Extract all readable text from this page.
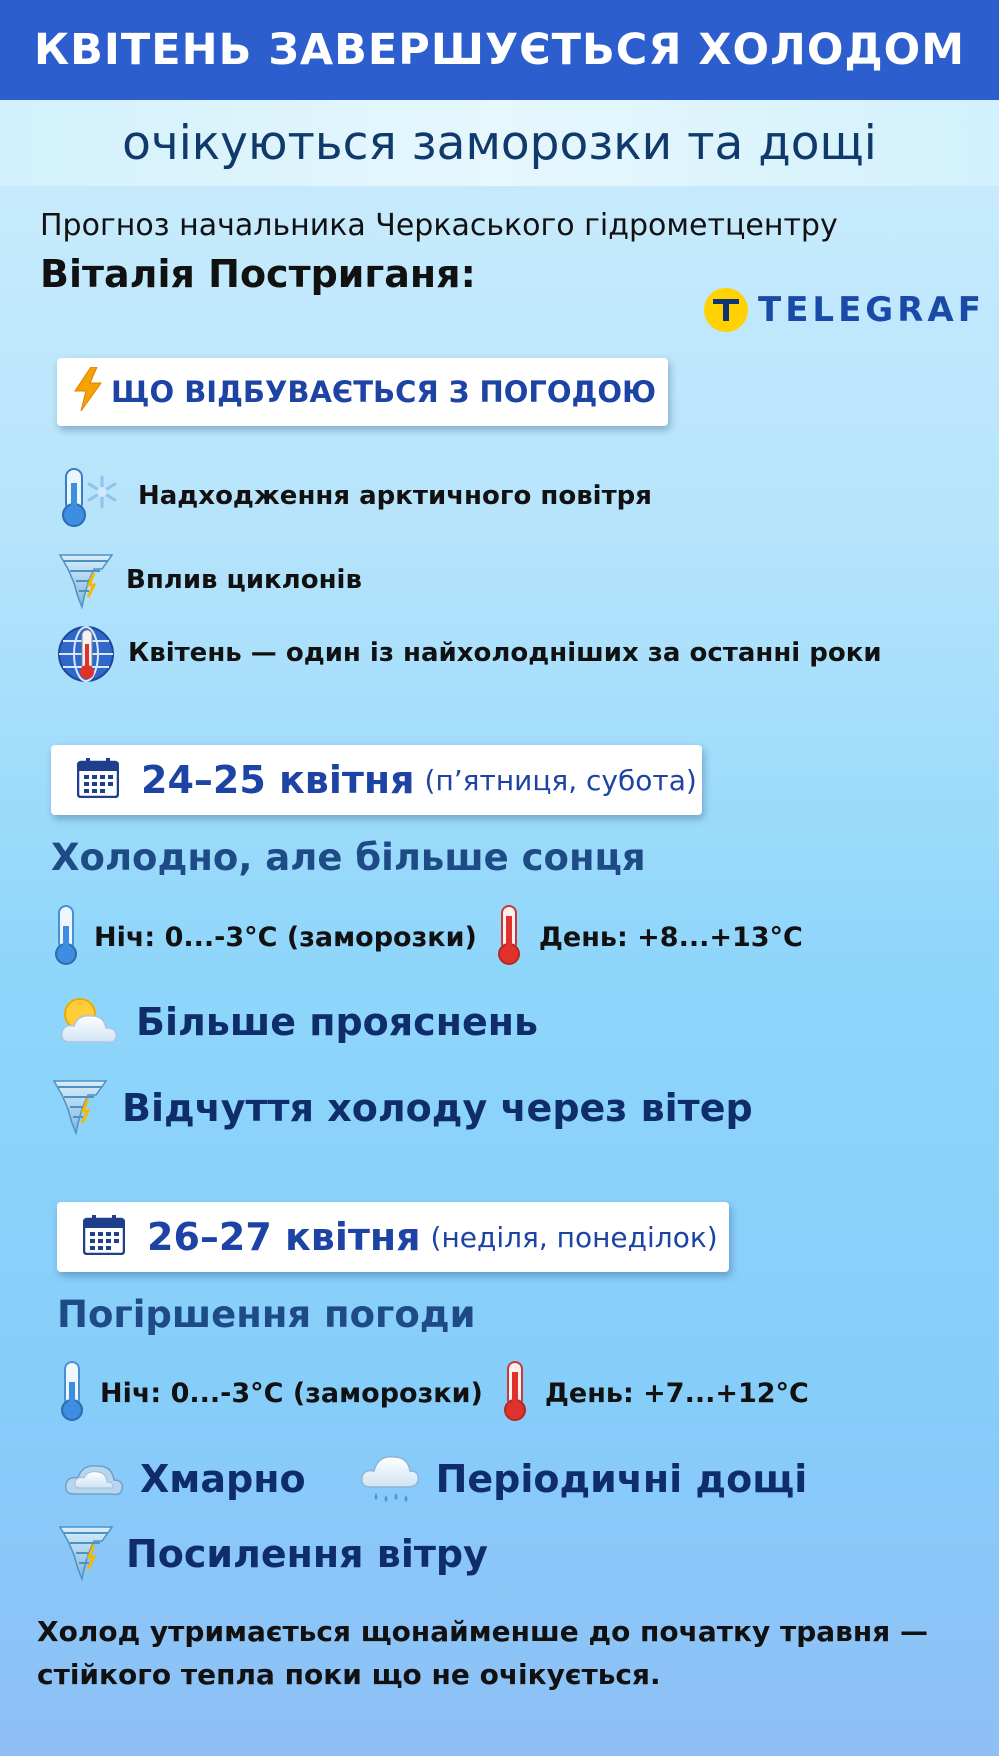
КВІТЕНЬ ЗАВЕРШУЄТЬСЯ ХОЛОДОМ
очікуються заморозки та дощі
Прогноз начальника Черкаського гідрометцентру
Віталія Постриганя:
TELEGRAF
ЩО ВІДБУВАЄТЬСЯ З ПОГОДОЮ
Надходження арктичного повітря
Вплив циклонів
Квітень — один із найхолодніших за останні роки
24–25 квітня (п’ятниця, субота)
Холодно, але більше сонця
Ніч: 0...-3°C (заморозки) День: +8...+13°C
Більше прояснень
Відчуття холоду через вітер
26–27 квітня (неділя, понеділок)
Погіршення погоди
Ніч: 0...-3°C (заморозки) День: +7...+12°C
Хмарно	Періодичні дощі
Посилення вітру
Холод утримається щонайменше до початку травня —
стійкого тепла поки що не очікується.
